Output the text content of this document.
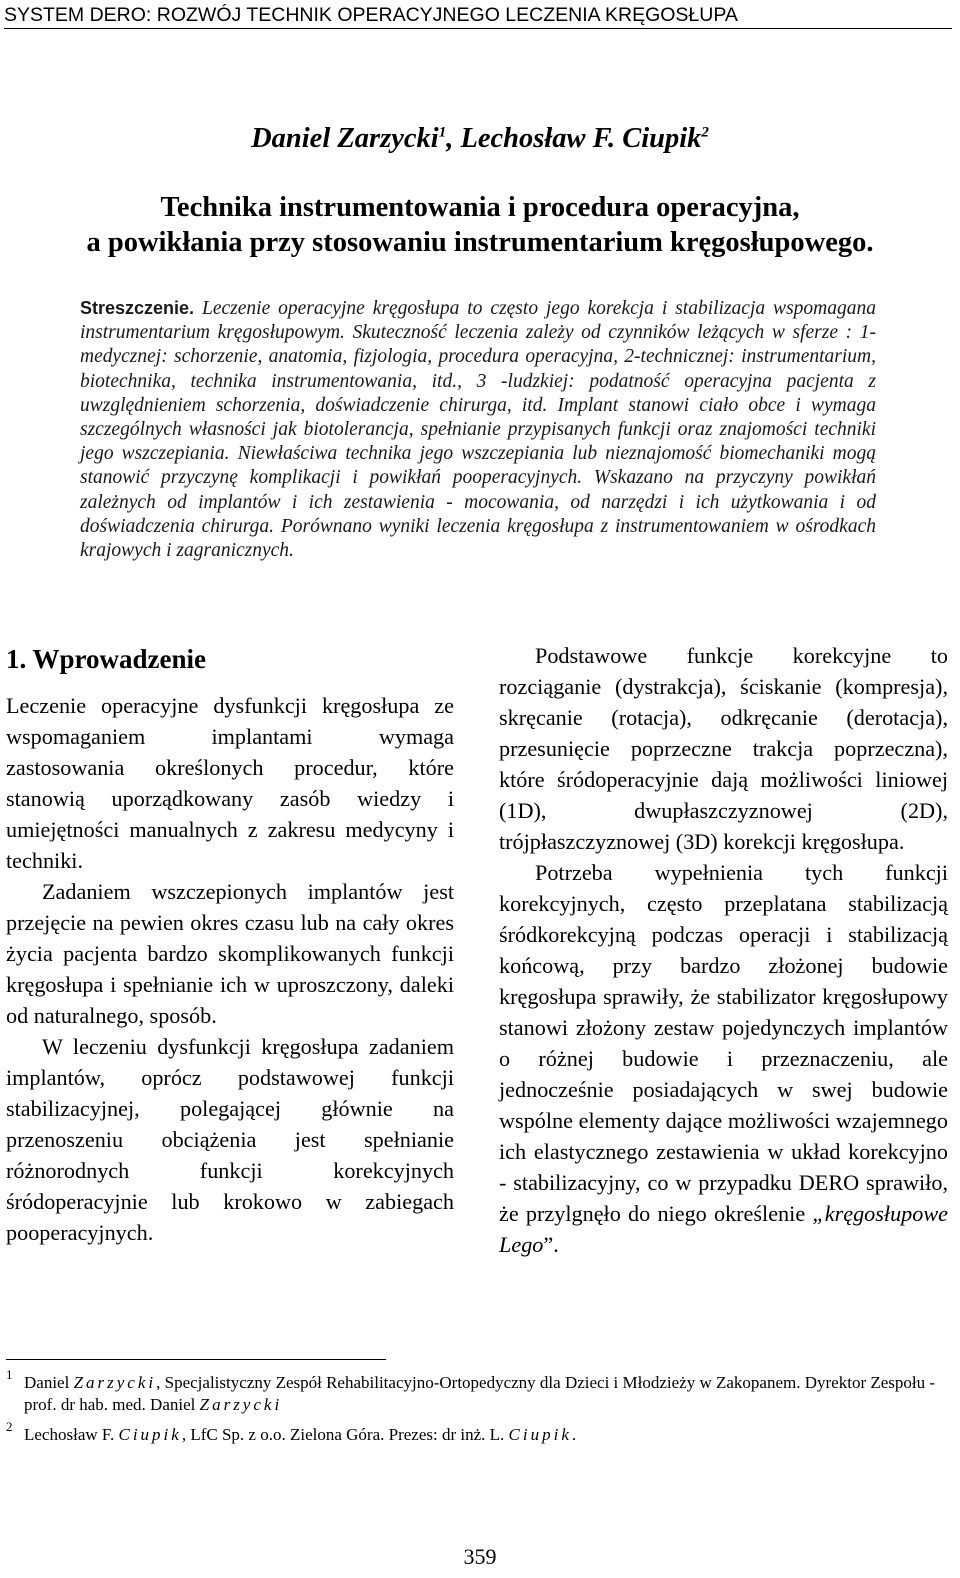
SYSTEM DERO: ROZWÓJ TECHNIK OPERACYJNEGO LECZENIA KRĘGOSŁUPA
Daniel Zarzycki$^1$, Lechosław F. Ciupik$^2$
Technika instrumentowania i procedura operacyjna,
a powikłania przy stosowaniu instrumentarium kręgosłupowego.
Streszczenie. Leczenie operacyjne kręgosłupa to często jego korekcja i stabilizacja wspomagana instrumentarium kręgosłupowym. Skuteczność leczenia zależy od czynników leżących w sferze : 1- medycznej: schorzenie, anatomia, fizjologia, procedura operacyjna, 2-technicznej: instrumentarium, biotechnika, technika instrumentowania, itd., 3 -ludzkiej: podatność operacyjna pacjenta z uwzględnieniem schorzenia, doświadczenie chirurga, itd. Implant stanowi ciało obce i wymaga szczególnych własności jak biotolerancja, spełnianie przypisanych funkcji oraz znajomości techniki jego wszczepiania. Niewłaściwa technika jego wszczepiania lub nieznajomość biomechaniki mogą stanowić przyczynę komplikacji i powikłań pooperacyjnych. Wskazano na przyczyny powikłań zależnych od implantów i ich zestawienia - mocowania, od narzędzi i ich użytkowania i od doświadczenia chirurga. Porównano wyniki leczenia kręgosłupa z instrumentowaniem w ośrodkach krajowych i zagranicznych.
1. Wprowadzenie

Leczenie operacyjne dysfunkcji kręgosłupa ze wspomaganiem implantami wymaga zastosowania określonych procedur, które stanowią uporządkowany zasób wiedzy i umiejętności manualnych z zakresu medycyny i techniki.

Zadaniem wszczepionych implantów jest przejęcie na pewien okres czasu lub na cały okres życia pacjenta bardzo skomplikowanych funkcji kręgosłupa i spełnianie ich w uproszczony, daleki od naturalnego, sposób.

W leczeniu dysfunkcji kręgosłupa zadaniem implantów, oprócz podstawowej funkcji stabilizacyjnej, polegającej głównie na przenoszeniu obciążenia jest spełnianie różnorodnych funkcji korekcyjnych śródoperacyjnie lub krokowo w zabiegach pooperacyjnych.

Podstawowe funkcje korekcyjne to rozciąganie (dystrakcja), ściskanie (kompresja), skręcanie (rotacja), odkręcanie (derotacja), przesunięcie poprzeczne trakcja poprzeczna), które śródoperacyjnie dają możliwości liniowej (1D), dwupłaszczyznowej (2D), trójpłaszczyznowej (3D) korekcji kręgosłupa.

Potrzeba wypełnienia tych funkcji korekcyjnych, często przeplatana stabilizacją śródkorekcyjną podczas operacji i stabilizacją końcową, przy bardzo złożonej budowie kręgosłupa sprawiły, że stabilizator kręgosłupowy stanowi złożony zestaw pojedynczych implantów o różnej budowie i przeznaczeniu, ale jednocześnie posiadających w swej budowie wspólne elementy dające możliwości wzajemnego ich elastycznego zestawienia w układ korekcyjno - stabilizacyjny, co w przypadku DERO sprawiło, że przylgnęło do niego określenie „kręgosłupowe Lego”.

1 Daniel Zarzycki, Specjalistyczny Zespół Rehabilitacyjno-Ortopedyczny dla Dzieci i Młodzieży w Zakopanem. Dyrektor Zespołu - prof. dr hab. med. Daniel Zarzycki
2 Lechosław F. Ciupik, LfC Sp. z o.o. Zielona Góra. Prezes: dr inż. L. Ciupik.
359
